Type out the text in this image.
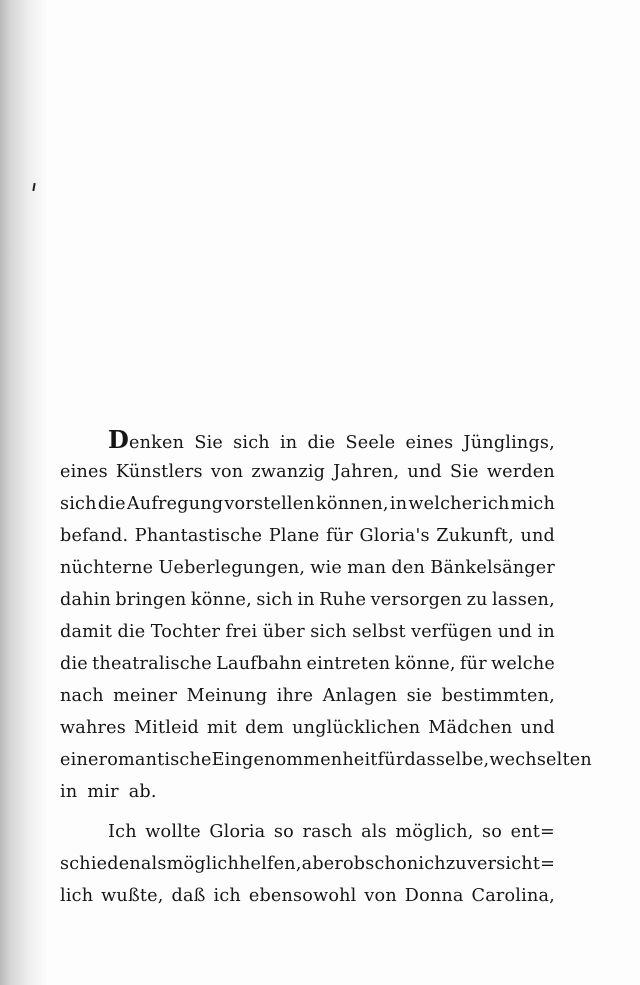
Denken Sie sich in die Seele eines Jünglings,
eines Künstlers von zwanzig Jahren, und Sie werden
sich die Aufregung vorstellen können, in welcher ich mich
befand. Phantastische Plane für Gloria's Zukunft, und
nüchterne Ueberlegungen, wie man den Bänkelsänger
dahin bringen könne, sich in Ruhe versorgen zu lassen,
damit die Tochter frei über sich selbst verfügen und in
die theatralische Laufbahn eintreten könne, für welche
nach meiner Meinung ihre Anlagen sie bestimmten,
wahres Mitleid mit dem unglücklichen Mädchen und
eine romantische Eingenommenheit für dasselbe, wechselten
in mir ab.
Ich wollte Gloria so rasch als möglich, so ent=
schieden als möglich helfen, aber obschon ich zuversicht=
lich wußte, daß ich ebensowohl von Donna Carolina,
